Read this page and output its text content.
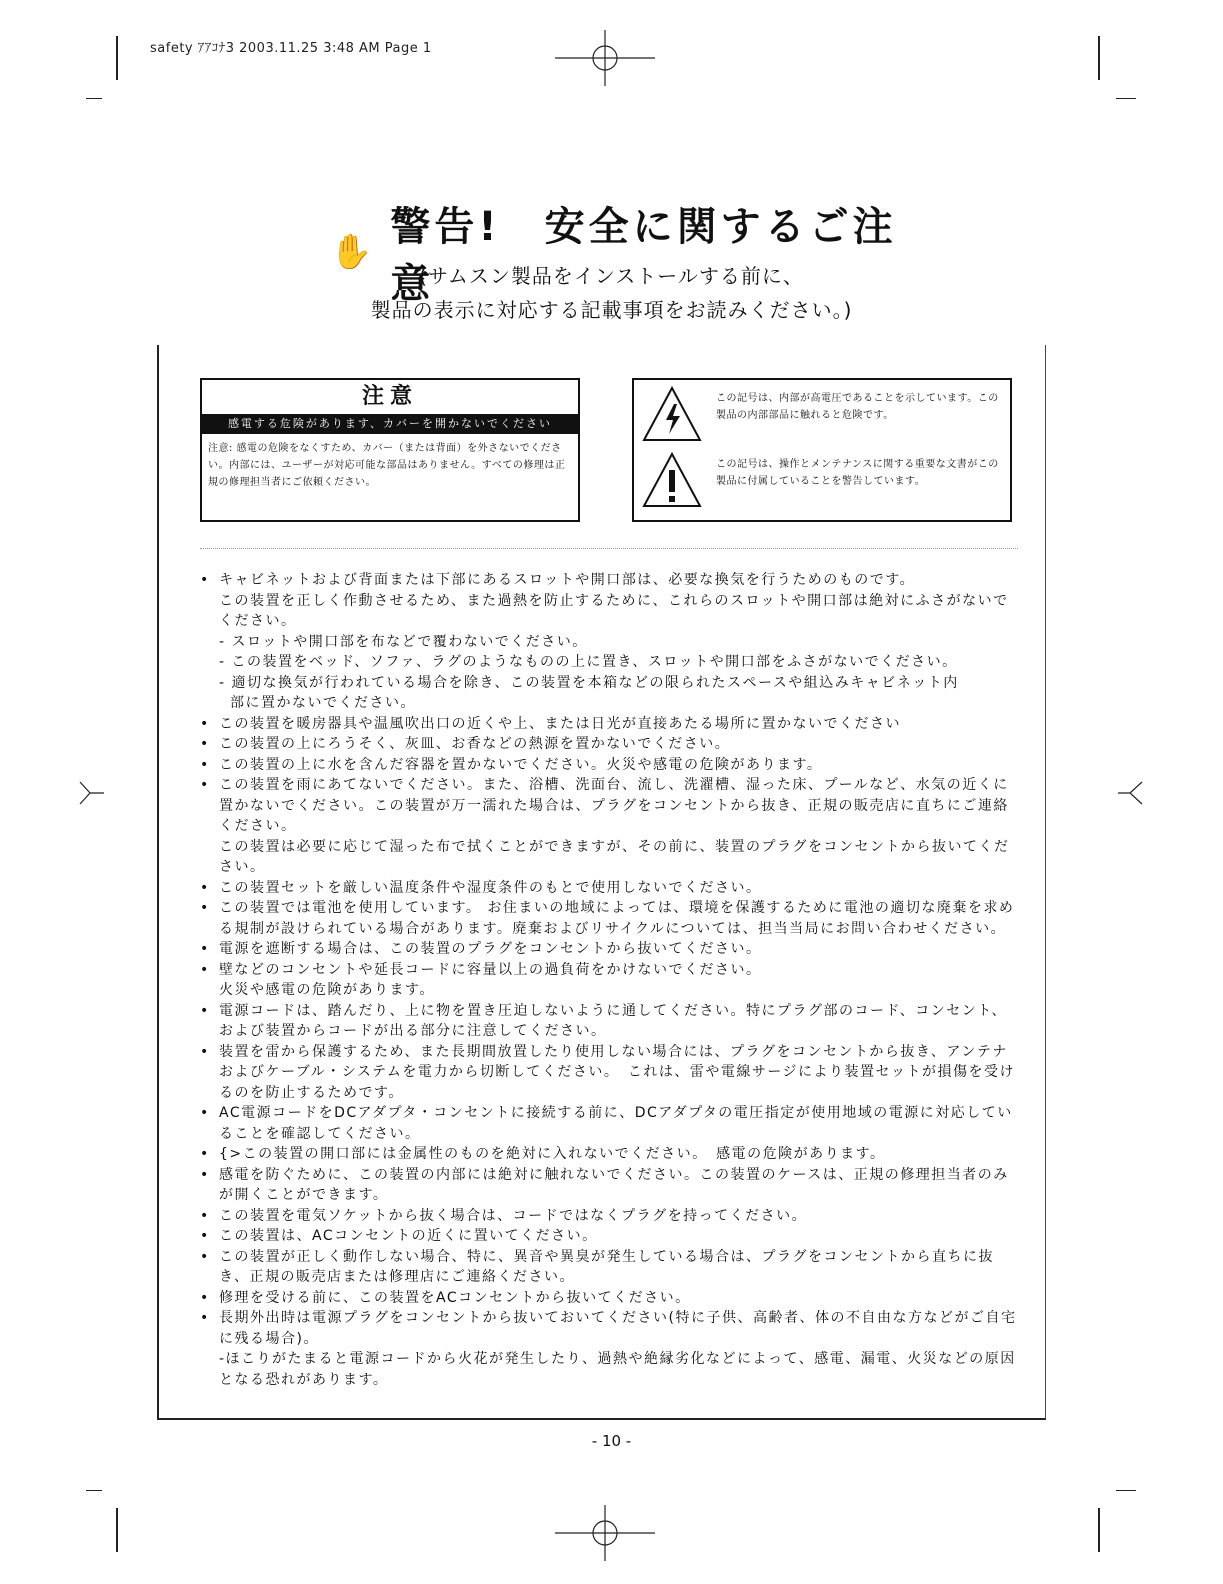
safety ｱｱｺﾅ3 2003.11.25 3:48 AM Page 1
✋
警告!　安全に関するご注意
(サムスン製品をインストールする前に、
製品の表示に対応する記載事項をお読みください。)
注意
感電する危険があります、カバーを開かないでください
注意: 感電の危険をなくすため、カバー（または背面）を外さないでください。内部には、ユーザーが対応可能な部品はありません。すべての修理は正規の修理担当者にご依頼ください。
この記号は、内部が高電圧であることを示しています。この製品の内部部品に触れると危険です。
この記号は、操作とメンテナンスに関する重要な文書がこの製品に付属していることを警告しています。
• キャビネットおよび背面または下部にあるスロットや開口部は、必要な換気を行うためのものです。
この装置を正しく作動させるため、また過熱を防止するために、これらのスロットや開口部は絶対にふさがないでください。
- スロットや開口部を布などで覆わないでください。
- この装置をベッド、ソファ、ラグのようなものの上に置き、スロットや開口部をふさがないでください。
- 適切な換気が行われている場合を除き、この装置を本箱などの限られたスペースや組込みキャビネット内
部に置かないでください。
• この装置を暖房器具や温風吹出口の近くや上、または日光が直接あたる場所に置かないでください
• この装置の上にろうそく、灰皿、お香などの熱源を置かないでください。
• この装置の上に水を含んだ容器を置かないでください。火災や感電の危険があります。
• この装置を雨にあてないでください。また、浴槽、洗面台、流し、洗濯槽、湿った床、プールなど、水気の近くに置かないでください。この装置が万一濡れた場合は、プラグをコンセントから抜き、正規の販売店に直ちにご連絡ください。
この装置は必要に応じて湿った布で拭くことができますが、その前に、装置のプラグをコンセントから抜いてください。
• この装置セットを厳しい温度条件や湿度条件のもとで使用しないでください。
• この装置では電池を使用しています。 お住まいの地域によっては、環境を保護するために電池の適切な廃棄を求める規制が設けられている場合があります。廃棄およびリサイクルについては、担当当局にお問い合わせください。
• 電源を遮断する場合は、この装置のプラグをコンセントから抜いてください。
• 壁などのコンセントや延長コードに容量以上の過負荷をかけないでください。
火災や感電の危険があります。
• 電源コードは、踏んだり、上に物を置き圧迫しないように通してください。特にプラグ部のコード、コンセント、および装置からコードが出る部分に注意してください。
• 装置を雷から保護するため、また長期間放置したり使用しない場合には、プラグをコンセントから抜き、アンテナおよびケーブル・システムを電力から切断してください。　これは、雷や電線サージにより装置セットが損傷を受けるのを防止するためです。
• AC電源コードをDCアダプタ・コンセントに接続する前に、DCアダプタの電圧指定が使用地域の電源に対応していることを確認してください。
• {>この装置の開口部には金属性のものを絶対に入れないでください。　感電の危険があります。
• 感電を防ぐために、この装置の内部には絶対に触れないでください。この装置のケースは、正規の修理担当者のみが開くことができます。
• この装置を電気ソケットから抜く場合は、コードではなくプラグを持ってください。
• この装置は、ACコンセントの近くに置いてください。
• この装置が正しく動作しない場合、特に、異音や異臭が発生している場合は、プラグをコンセントから直ちに抜き、正規の販売店または修理店にご連絡ください。
• 修理を受ける前に、この装置をACコンセントから抜いてください。
• 長期外出時は電源プラグをコンセントから抜いておいてください(特に子供、高齢者、体の不自由な方などがご自宅に残る場合)。
-ほこりがたまると電源コードから火花が発生したり、過熱や絶縁劣化などによって、感電、漏電、火災などの原因となる恐れがあります。
- 10 -
